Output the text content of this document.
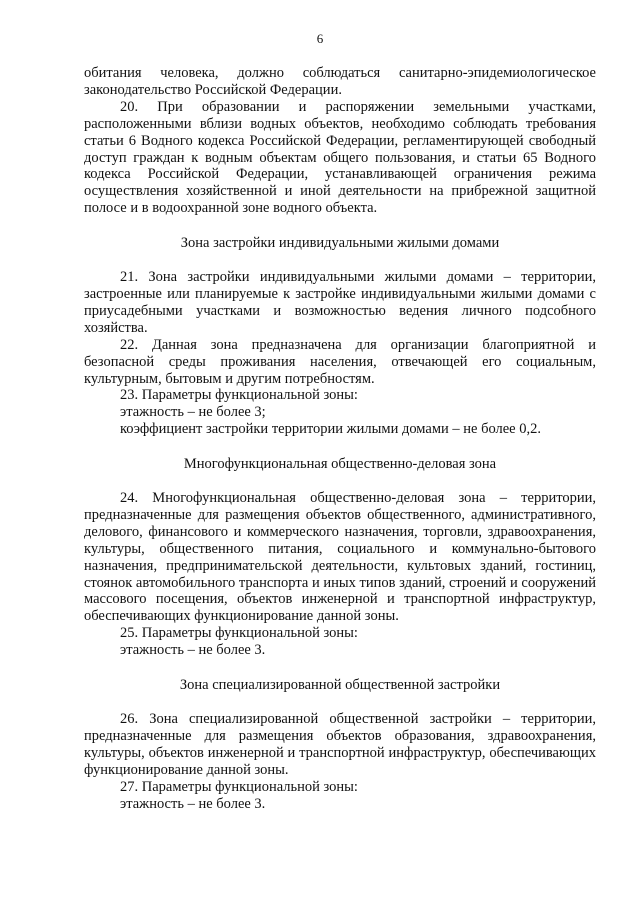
6

обитания человека, должно соблюдаться санитарно-эпидемиологическое законодательство Российской Федерации.

20. При образовании и распоряжении земельными участками, расположенными вблизи водных объектов, необходимо соблюдать требования статьи 6 Водного кодекса Российской Федерации, регламентирующей свободный доступ граждан к водным объектам общего пользования, и статьи 65 Водного кодекса Российской Федерации, устанавливающей ограничения режима осуществления хозяйственной и иной деятельности на прибрежной защитной полосе и в водоохранной зоне водного объекта.

Зона застройки индивидуальными жилыми домами

21. Зона застройки индивидуальными жилыми домами – территории, застроенные или планируемые к застройке индивидуальными жилыми домами с приусадебными участками и возможностью ведения личного подсобного хозяйства.

22. Данная зона предназначена для организации благоприятной и безопасной среды проживания населения, отвечающей его социальным, культурным, бытовым и другим потребностям.

23. Параметры функциональной зоны:

этажность – не более 3;

коэффициент застройки территории жилыми домами – не более 0,2.

Многофункциональная общественно-деловая зона

24. Многофункциональная общественно-деловая зона – территории, предназначенные для размещения объектов общественного, административного, делового, финансового и коммерческого назначения, торговли, здравоохранения, культуры, общественного питания, социального и коммунально-бытового назначения, предпринимательской деятельности, культовых зданий, гостиниц, стоянок автомобильного транспорта и иных типов зданий, строений и сооружений массового посещения, объектов инженерной и транспортной инфраструктур, обеспечивающих функционирование данной зоны.

25. Параметры функциональной зоны:

этажность – не более 3.

Зона специализированной общественной застройки

26. Зона специализированной общественной застройки – территории, предназначенные для размещения объектов образования, здравоохранения, культуры, объектов инженерной и транспортной инфраструктур, обеспечивающих функционирование данной зоны.

27. Параметры функциональной зоны:

этажность – не более 3.
